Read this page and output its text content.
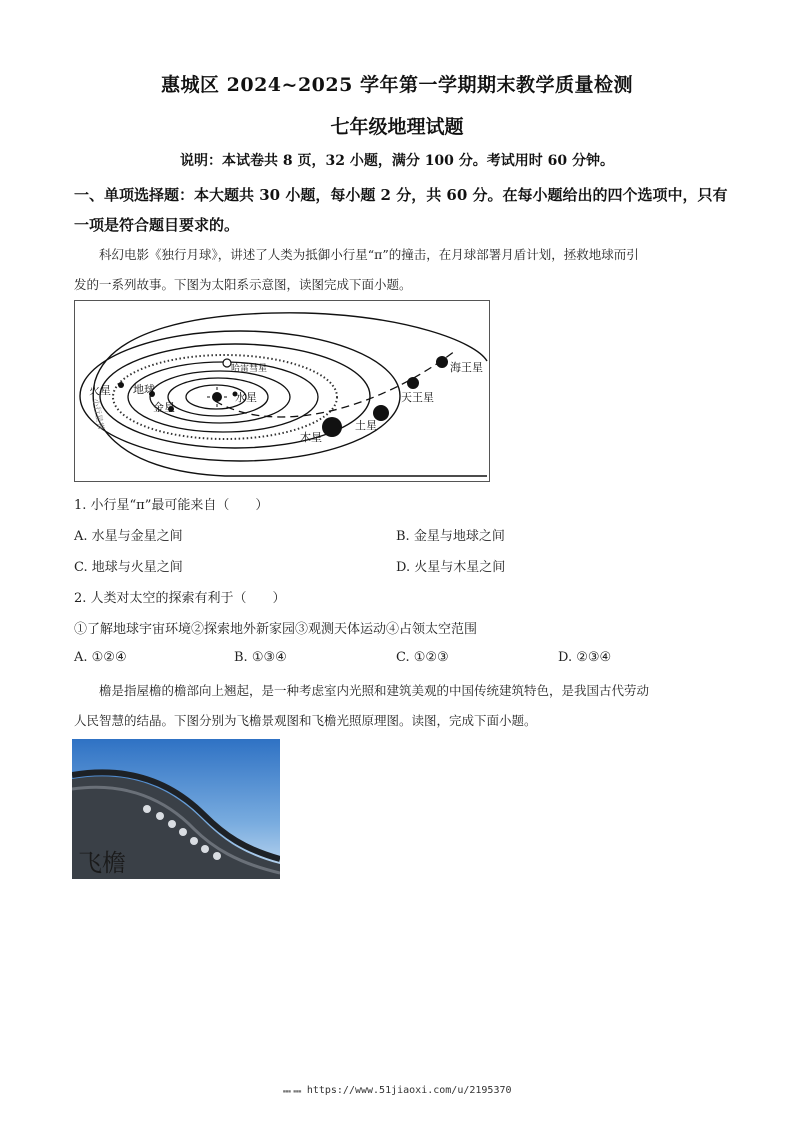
惠城区 2024~2025 学年第一学期期末教学质量检测
七年级地理试题
说明：本试卷共 8 页，32 小题，满分 100 分。考试用时 60 分钟。
一、单项选择题：本大题共 30 小题，每小题 2 分，共 60 分。在每小题给出的四个选项中，只有一项是符合题目要求的。
科幻电影《独行月球》，讲述了人类为抵御小行星“π”的撞击，在月球部署月盾计划，拯救地球而引
发的一系列故事。下图为太阳系示意图，读图完成下面小题。
海王星
天王星
土星
木星
火星 地球
金星
水星
哈雷彗星
小行星带
1. 小行星“π”最可能来自（　　）
A. 水星与金星之间	B. 金星与地球之间
C. 地球与火星之间	D. 火星与木星之间
2. 人类对太空的探索有利于（　　）
①了解地球宇宙环境②探索地外新家园③观测天体运动④占领太空范围
A. ①②④	B. ①③④	C. ①②③	D. ②③④
檐是指屋檐的檐部向上翘起，是一种考虑室内光照和建筑美观的中国传统建筑特色，是我国古代劳动
人民智慧的结晶。下图分别为飞檐景观图和飞檐光照原理图。读图，完成下面小题。
飞檐
▪▪▪ ▪▪▪ https://www.51jiaoxi.com/u/2195370
